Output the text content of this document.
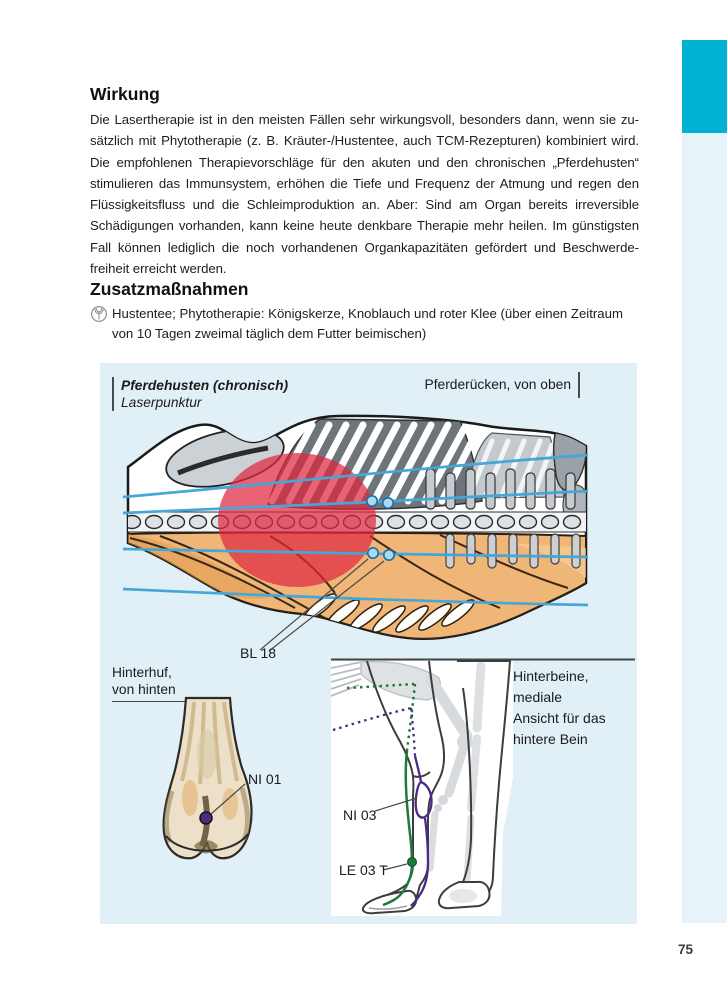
Wirkung
Die Lasertherapie ist in den meisten Fällen sehr wirkungsvoll, besonders dann, wenn sie zu-
sätzlich mit Phytotherapie (z. B. Kräuter-/Hustentee, auch TCM-Rezepturen) kombiniert wird.
Die empfohlenen Therapievorschläge für den akuten und den chronischen „Pferdehusten“
stimulieren das Immunsystem, erhöhen die Tiefe und Frequenz der Atmung und regen den
Flüssigkeitsfluss und die Schleimproduktion an. Aber: Sind am Organ bereits irreversible
Schädigungen vorhanden, kann keine heute denkbare Therapie mehr heilen. Im günstigsten
Fall können lediglich die noch vorhandenen Organkapazitäten gefördert und Beschwerde-
freiheit erreicht werden.
Zusatzmaßnahmen
Hustentee; Phytotherapie: Königskerze, Knoblauch und roter Klee (über einen Zeitraum
von 10 Tagen zweimal täglich dem Futter beimischen)
Pferdehusten (chronisch)
Laserpunktur
Pferderücken, von oben
BL 18
Hinterhuf,
von hinten
NI 01
Hinterbeine, mediale
Ansicht für das
hintere Bein
NI 03
LE 03 T
75
